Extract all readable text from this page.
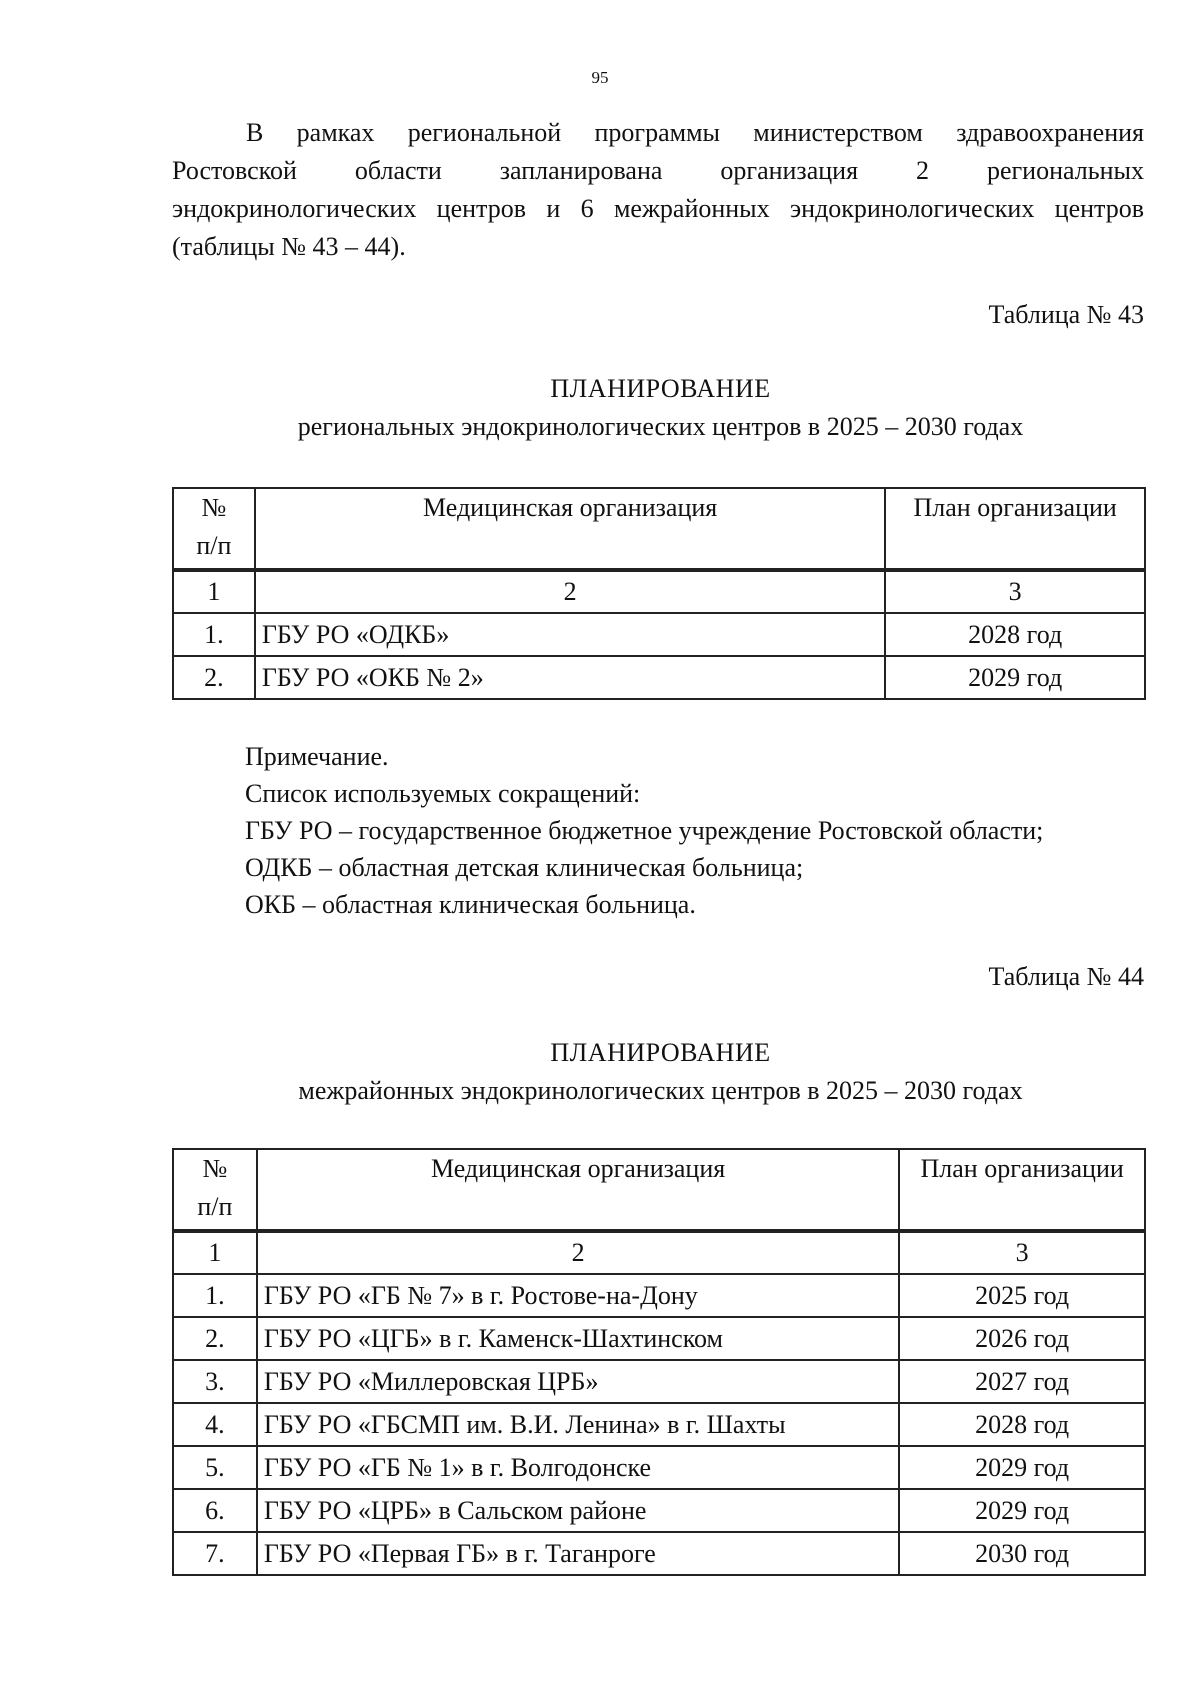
95

В рамках региональной программы министерством здравоохранения
Ростовской области запланирована организация 2 региональных
эндокринологических центров и 6 межрайонных эндокринологических центров
(таблицы № 43 – 44).

Таблица № 43
ПЛАНИРОВАНИЕ
региональных эндокринологических центров в 2025 – 2030 годах
№
п/п	Медицинская организация	План организации
1	2	3
1.	ГБУ РО «ОДКБ»	2028 год
2.	ГБУ РО «ОКБ № 2»	2029 год
Примечание.
Список используемых сокращений:
ГБУ РО – государственное бюджетное учреждение Ростовской области;
ОДКБ – областная детская клиническая больница;
ОКБ – областная клиническая больница.
Таблица № 44
ПЛАНИРОВАНИЕ
межрайонных эндокринологических центров в 2025 – 2030 годах
№
п/п	Медицинская организация	План организации
1	2	3
1.	ГБУ РО «ГБ № 7» в г. Ростове-на-Дону	2025 год
2.	ГБУ РО «ЦГБ» в г. Каменск-Шахтинском	2026 год
3.	ГБУ РО «Миллеровская ЦРБ»	2027 год
4.	ГБУ РО «ГБСМП им. В.И. Ленина» в г. Шахты	2028 год
5.	ГБУ РО «ГБ № 1» в г. Волгодонске	2029 год
6.	ГБУ РО «ЦРБ» в Сальском районе	2029 год
7.	ГБУ РО «Первая ГБ» в г. Таганроге	2030 год
